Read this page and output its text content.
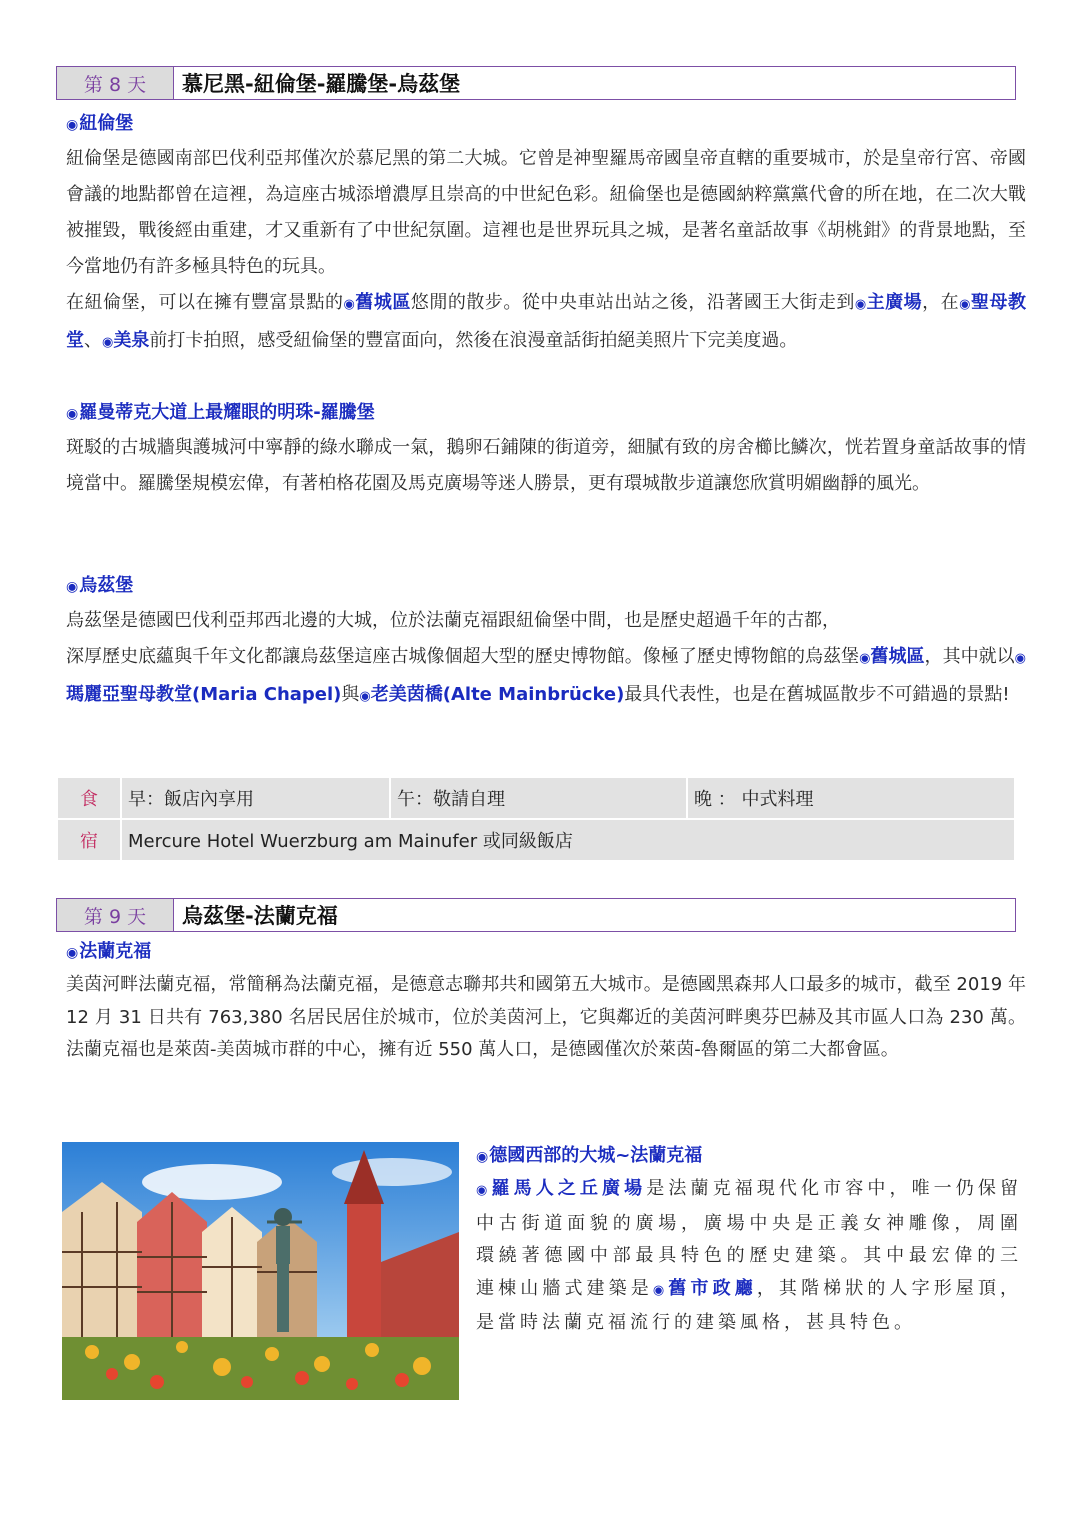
第 8 天	慕尼黑-紐倫堡-羅騰堡-烏茲堡

◉紐倫堡

紐倫堡是德國南部巴伐利亞邦僅次於慕尼黑的第二大城。它曾是神聖羅馬帝國皇帝直轄的重要城市，於是皇帝行宮、帝國會議的地點都曾在這裡，為這座古城添增濃厚且崇高的中世紀色彩。紐倫堡也是德國納粹黨黨代會的所在地，在二次大戰被摧毀，戰後經由重建，才又重新有了中世紀氛圍。這裡也是世界玩具之城，是著名童話故事《胡桃鉗》的背景地點，至今當地仍有許多極具特色的玩具。

在紐倫堡，可以在擁有豐富景點的◉舊城區悠閒的散步。從中央車站出站之後，沿著國王大街走到◉主廣場，在◉聖母教堂、◉美泉前打卡拍照，感受紐倫堡的豐富面向，然後在浪漫童話街拍絕美照片下完美度過。

◉羅曼蒂克大道上最耀眼的明珠-羅騰堡

斑駁的古城牆與護城河中寧靜的綠水聯成一氣，鵝卵石鋪陳的街道旁，細膩有致的房舍櫛比鱗次，恍若置身童話故事的情境當中。羅騰堡規模宏偉，有著柏格花園及馬克廣場等迷人勝景，更有環城散步道讓您欣賞明媚幽靜的風光。

◉烏茲堡

烏茲堡是德國巴伐利亞邦西北邊的大城，位於法蘭克福跟紐倫堡中間，也是歷史超過千年的古都，

深厚歷史底蘊與千年文化都讓烏茲堡這座古城像個超大型的歷史博物館。像極了歷史博物館的烏茲堡◉舊城區，其中就以◉瑪麗亞聖母教堂(Maria Chapel)與◉老美茵橋(Alte Mainbrücke)最具代表性，也是在舊城區散步不可錯過的景點!

食	早：飯店內享用	午：敬請自理	晚 ： 中式料理
宿	Mercure Hotel Wuerzburg am Mainufer 或同級飯店		
第 9 天	烏茲堡-法蘭克福

◉法蘭克福

美茵河畔法蘭克福，常簡稱為法蘭克福，是德意志聯邦共和國第五大城市。是德國黑森邦人口最多的城市，截至 2019 年 12 月 31 日共有 763,380 名居民居住於城市，位於美茵河上，它與鄰近的美茵河畔奧芬巴赫及其市區人口為 230 萬。法蘭克福也是萊茵-美茵城市群的中心，擁有近 550 萬人口，是德國僅次於萊茵-魯爾區的第二大都會區。

◉德國西部的大城~法蘭克福

◉羅馬人之丘廣場是法蘭克福現代化市容中，唯一仍保留中古街道面貌的廣場，廣場中央是正義女神雕像，周圍環繞著德國中部最具特色的歷史建築。其中最宏偉的三連棟山牆式建築是◉舊市政廳，其階梯狀的人字形屋頂，是當時法蘭克福流行的建築風格，甚具特色。
